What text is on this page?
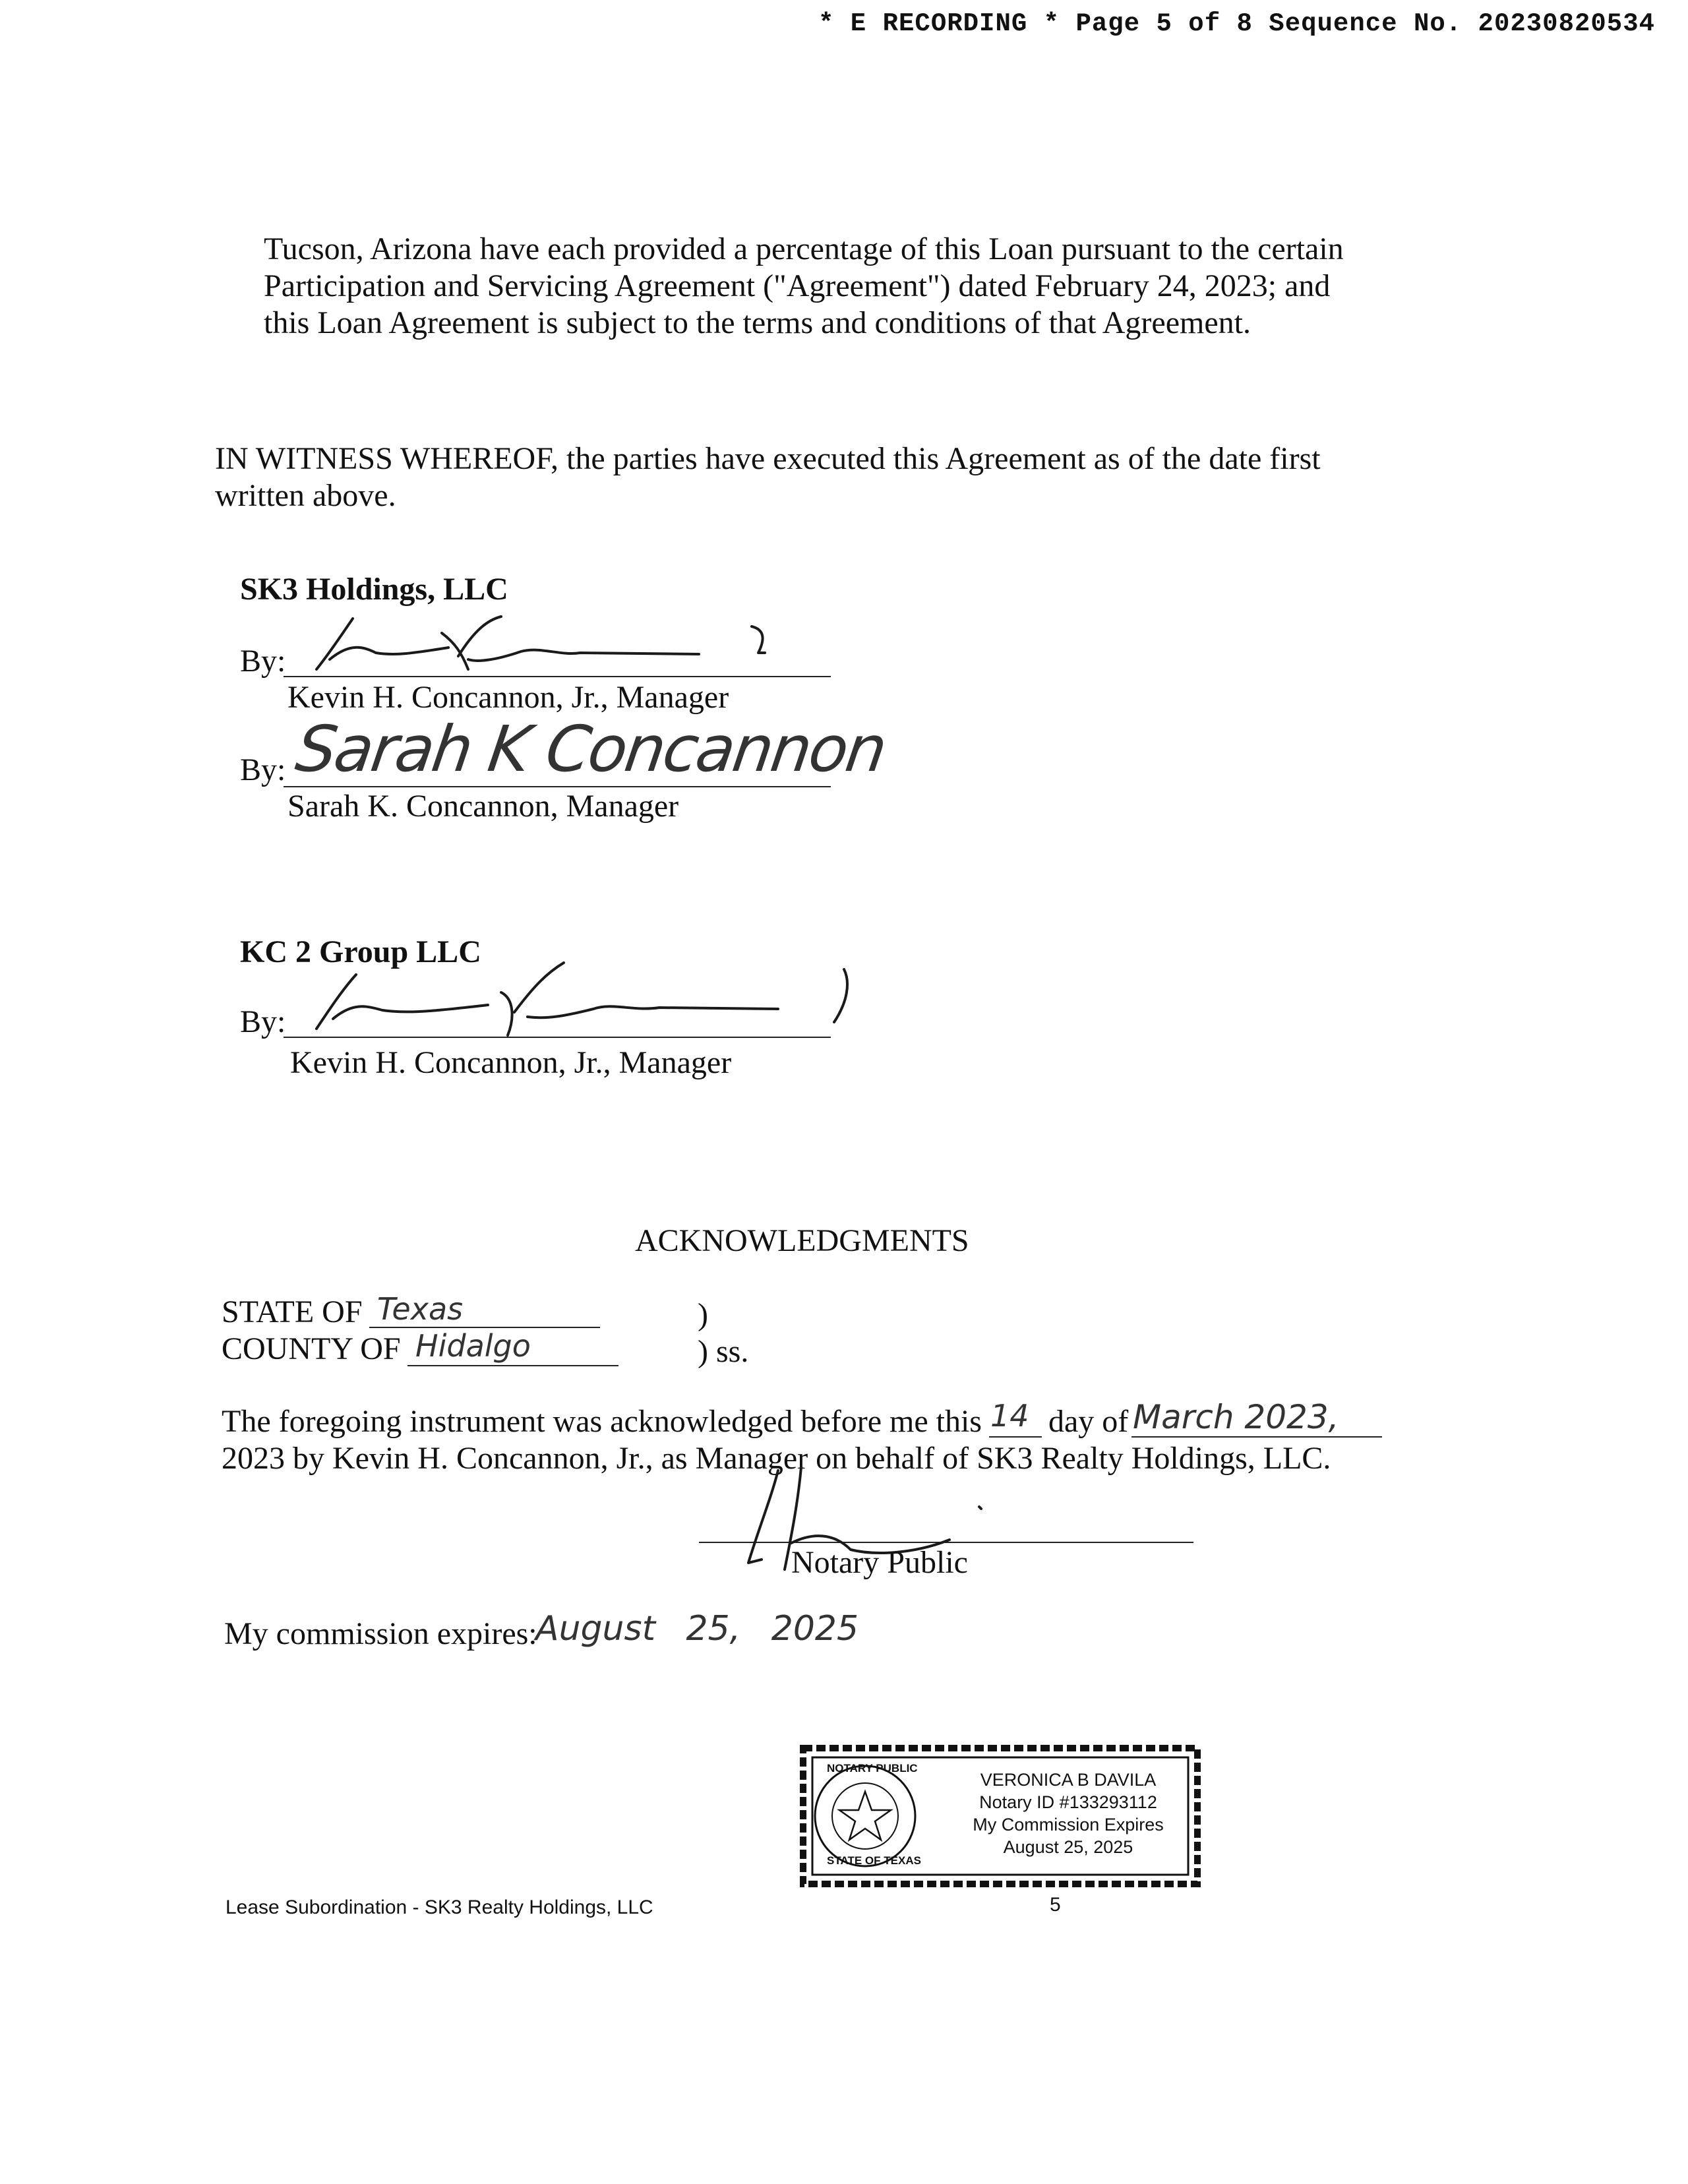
* E RECORDING * Page 5 of 8 Sequence No. 20230820534
Tucson, Arizona have each provided a percentage of this Loan pursuant to the certain
Participation and Servicing Agreement ("Agreement") dated February 24, 2023; and
this Loan Agreement is subject to the terms and conditions of that Agreement.
IN WITNESS WHEREOF, the parties have executed this Agreement as of the date first
written above.
SK3 Holdings, LLC
By:
Kevin H. Concannon, Jr., Manager
By: Sarah K Concannon
Sarah K. Concannon, Manager
KC 2 Group LLC
By:
Kevin H. Concannon, Jr., Manager
ACKNOWLEDGMENTS
STATE OF Texas	)
COUNTY OF Hidalgo	) ss.
The foregoing instrument was acknowledged before me this 14 day of March 2023,
2023 by Kevin H. Concannon, Jr., as Manager on behalf of SK3 Realty Holdings, LLC.
Notary Public
My commission expires:
August 25, 2025
NOTARY PUBLIC
STATE OF TEXAS
VERONICA B DAVILA
Notary ID #133293112
My Commission Expires
August 25, 2025
Lease Subordination - SK3 Realty Holdings, LLC	5
